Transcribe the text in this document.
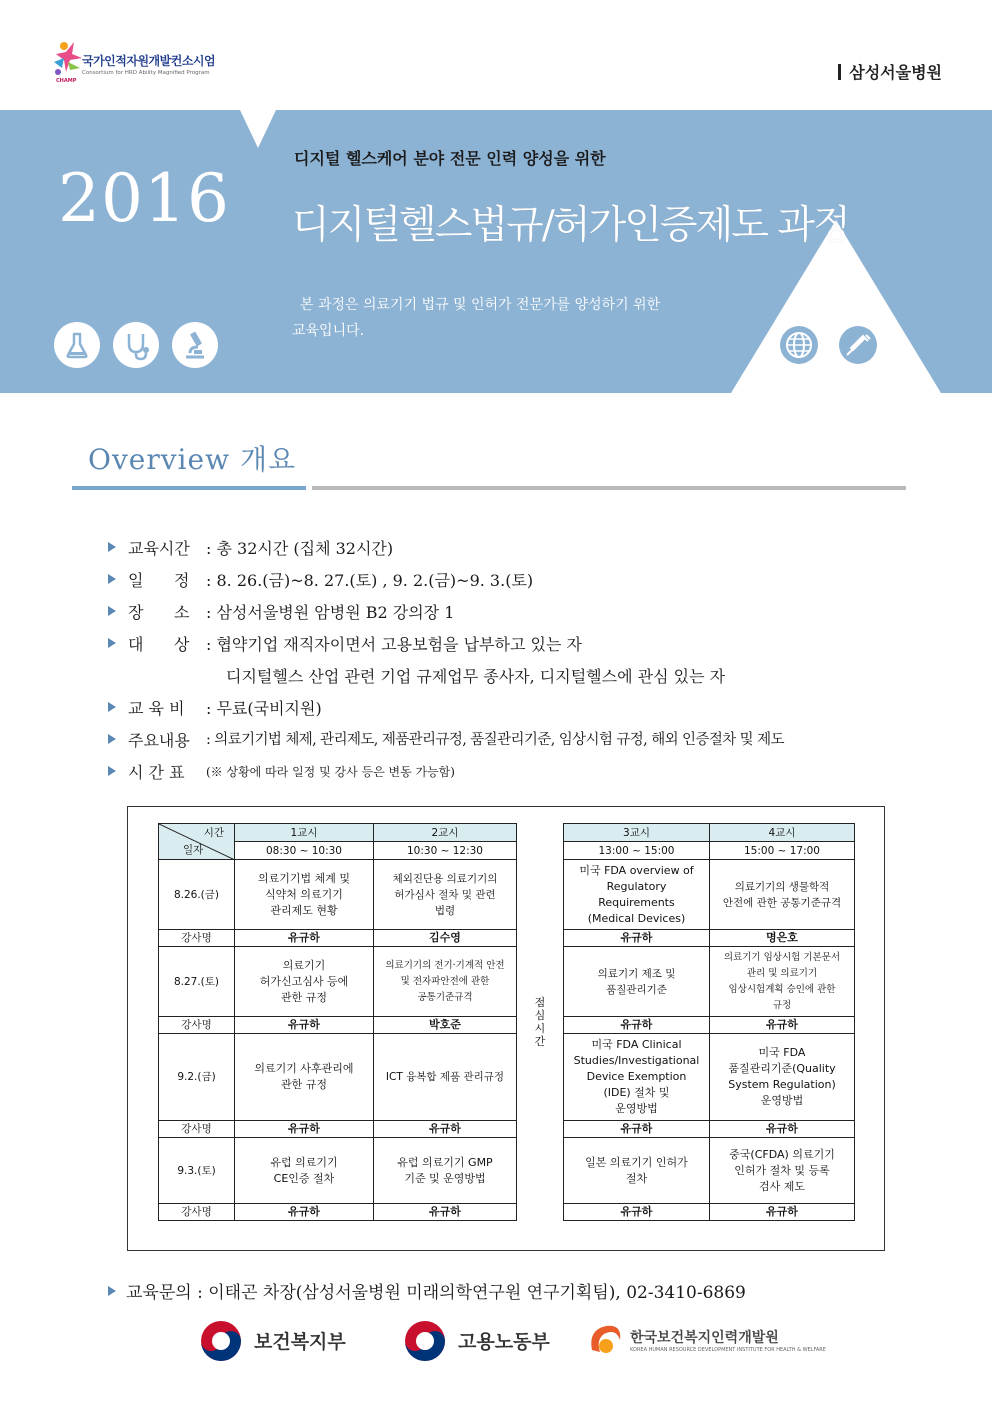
국가인적자원개발컨소시엄
Consortium for HRD Ability Magnified Program
CHAMP	삼성서울병원
2016
디지털 헬스케어 분야 전문 인력 양성을 위한
디지털헬스법규/허가인증제도 과정
본 과정은 의료기기 법규 및 인허가 전문가를 양성하기 위한
교육입니다.
Overview 개요
교육시간	: 총 32시간 (집체 32시간)
일      정	: 8. 26.(금)~8. 27.(토) , 9. 2.(금)~9. 3.(토)
장      소	: 삼성서울병원 암병원 B2 강의장 1
대      상	: 협약기업 재직자이면서 고용보험을 납부하고 있는 자
디지털헬스 산업 관련 기업 규제업무 종사자, 디지털헬스에 관심 있는 자
교 육 비	: 무료(국비지원)
주요내용	: 의료기기법 체제, 관리제도, 제품관리규정, 품질관리기준, 임상시험 규정, 해외 인증절차 및 제도
시 간 표	(※ 상황에 따라 일정 및 강사 등은 변동 가능함)
시간
일자	1교시	2교시	점심시간	3교시	4교시
	08:30 ~ 10:30	10:30 ~ 12:30		13:00 ~ 15:00	15:00 ~ 17:00
8.26.(금)	의료기기법 체계 및
식약처 의료기기
관리제도 현황	체외진단용 의료기기의
허가심사 절차 및 관련
법령		미국 FDA overview of
Regulatory
Requirements
(Medical Devices)	의료기기의 생물학적
안전에 관한 공통기준규격
강사명	유규하	김수영		유규하	명은호
8.27.(토)	의료기기
허가신고심사 등에
관한 규정	의료기기의 전기·기계적 안전
및 전자파안전에 관한
공통기준규격		의료기기 제조 및
품질관리기준	의료기기 임상시험 기본문서
관리 및 의료기기
임상시험계획 승인에 관한
규정
강사명	유규하	박호준		유규하	유규하
9.2.(금)	의료기기 사후관리에
관한 규정	ICT 융복합 제품 관리규정		미국 FDA Clinical
Studies/Investigational
Device Exemption
(IDE) 절차 및
운영방법	미국 FDA
품질관리기준(Quality
System Regulation)
운영방법
강사명	유규하	유규하		유규하	유규하
9.3.(토)	유럽 의료기기
CE인증 절차	유럽 의료기기 GMP
기준 및 운영방법		일본 의료기기 인허가
절차	중국(CFDA) 의료기기
인허가 절차 및 등록
검사 제도
강사명	유규하	유규하		유규하	유규하
교육문의 : 이태곤 차장(삼성서울병원 미래의학연구원 연구기획팀), 02-3410-6869
보건복지부	고용노동부	한국보건복지인력개발원
KOREA HUMAN RESOURCE DEVELOPMENT INSTITUTE FOR HEALTH & WELFARE
